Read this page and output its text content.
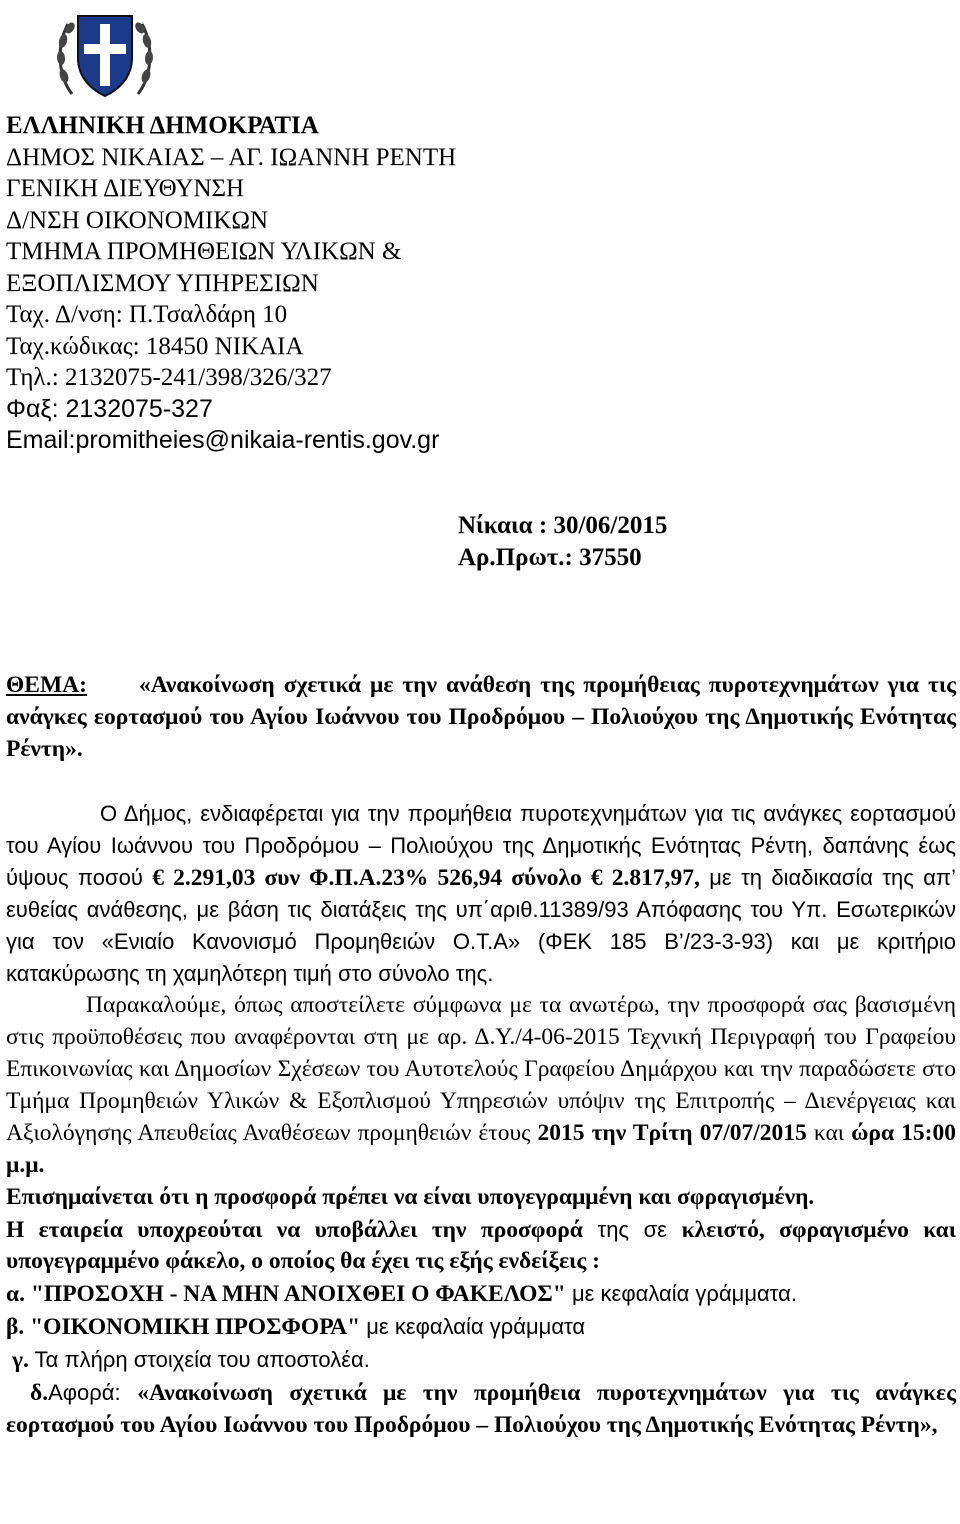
ΕΛΛΗΝΙΚΗ ΔΗΜΟΚΡΑΤΙΑ
ΔΗΜΟΣ ΝΙΚΑΙΑΣ – ΑΓ. ΙΩΑΝΝΗ ΡΕΝΤΗ
ΓΕΝΙΚΗ ΔΙΕΥΘΥΝΣΗ
Δ/ΝΣΗ ΟΙΚΟΝΟΜΙΚΩΝ
ΤΜΗΜΑ ΠΡΟΜΗΘΕΙΩΝ ΥΛΙΚΩΝ &
ΕΞΟΠΛΙΣΜΟΥ ΥΠΗΡΕΣΙΩΝ
Ταχ. Δ/νση: Π.Τσαλδάρη 10
Ταχ.κώδικας: 18450 ΝΙΚΑΙΑ
Τηλ.: 2132075-241/398/326/327
Φαξ: 2132075-327
Email:promitheies@nikaia-rentis.gov.gr
Νίκαια : 30/06/2015
Αρ.Πρωτ.: 37550

ΘΕΜΑ: «Ανακοίνωση σχετικά με την ανάθεση της προμήθειας πυροτεχνημάτων για τις ανάγκες εορτασμού του Αγίου Ιωάννου του Προδρόμου – Πολιούχου της Δημοτικής Ενότητας Ρέντη».

Ο Δήμος, ενδιαφέρεται για την προμήθεια πυροτεχνημάτων για τις ανάγκες εορτασμού του Αγίου Ιωάννου του Προδρόμου – Πολιούχου της Δημοτικής Ενότητας Ρέντη, δαπάνης έως ύψους ποσού € 2.291,03 συν Φ.Π.Α.23% 526,94 σύνολο € 2.817,97, με τη διαδικασία της απ’ ευθείας ανάθεσης, με βάση τις διατάξεις της υπ΄αριθ.11389/93 Απόφασης του Υπ. Εσωτερικών για τον «Ενιαίο Κανονισμό Προμηθειών Ο.Τ.Α» (ΦΕΚ 185 Β’/23-3-93) και με κριτήριο κατακύρωσης τη χαμηλότερη τιμή στο σύνολο της.

Παρακαλούμε, όπως αποστείλετε σύμφωνα με τα ανωτέρω, την προσφορά σας βασισμένη στις προϋποθέσεις που αναφέρονται στη με αρ. Δ.Υ./4-06-2015 Τεχνική Περιγραφή του Γραφείου Επικοινωνίας και Δημοσίων Σχέσεων του Αυτοτελούς Γραφείου Δημάρχου και την παραδώσετε στο Τμήμα Προμηθειών Υλικών & Εξοπλισμού Υπηρεσιών υπόψιν της Επιτροπής – Διενέργειας και Αξιολόγησης Απευθείας Αναθέσεων προμηθειών έτους 2015 την Τρίτη 07/07/2015 και ώρα 15:00 μ.μ.

Επισημαίνεται ότι η προσφορά πρέπει να είναι υπογεγραμμένη και σφραγισμένη.

Η εταιρεία υποχρεούται να υποβάλλει την προσφορά της σε κλειστό, σφραγισμένο και υπογεγραμμένο φάκελο, ο οποίος θα έχει τις εξής ενδείξεις :

α. "ΠΡΟΣΟΧΗ - ΝΑ ΜΗΝ ΑΝΟΙΧΘΕΙ Ο ΦΑΚΕΛΟΣ" με κεφαλαία γράμματα.

β. "ΟΙΚΟΝΟΜΙΚΗ ΠΡΟΣΦΟΡΑ" με κεφαλαία γράμματα

γ. Τα πλήρη στοιχεία του αποστολέα.

δ.Αφορά: «Ανακοίνωση σχετικά με την προμήθεια πυροτεχνημάτων για τις ανάγκες εορτασμού του Αγίου Ιωάννου του Προδρόμου – Πολιούχου της Δημοτικής Ενότητας Ρέντη»,
